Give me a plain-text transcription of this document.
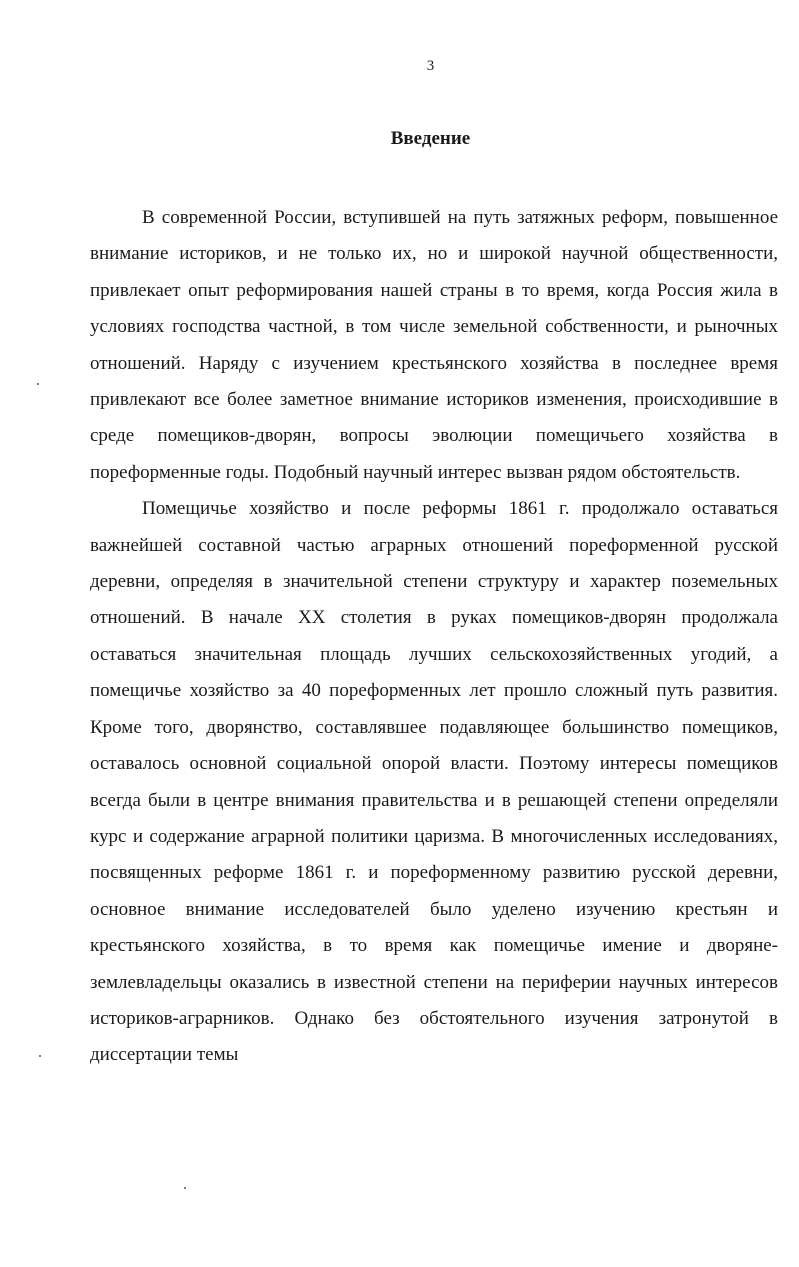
3
Введение

В современной России, вступившей на путь затяжных реформ, повышенное внимание историков, и не только их, но и широкой научной общественности, привлекает опыт реформирования нашей страны в то время, когда Россия жила в условиях господства частной, в том числе земельной собственности, и рыночных отношений. Наряду с изучением крестьянского хозяйства в последнее время привлекают все более заметное внимание историков изменения, происходившие в среде помещиков-дворян, вопросы эволюции помещичьего хозяйства в пореформенные годы. Подобный научный интерес вызван рядом обстоятельств.

Помещичье хозяйство и после реформы 1861 г. продолжало оставаться важнейшей составной частью аграрных отношений пореформенной русской деревни, определяя в значительной степени структуру и характер поземельных отношений. В начале XX столетия в руках помещиков-дворян продолжала оставаться значительная площадь лучших сельскохозяйственных угодий, а помещичье хозяйство за 40 пореформенных лет прошло сложный путь развития. Кроме того, дворянство, составлявшее подавляющее большинство помещиков, оставалось основной социальной опорой власти. Поэтому интересы помещиков всегда были в центре внимания правительства и в решающей степени определяли курс и содержание аграрной политики царизма. В многочисленных исследованиях, посвященных реформе 1861 г. и пореформенному развитию русской деревни, основное внимание исследователей было уделено изучению крестьян и крестьянского хозяйства, в то время как помещичье имение и дворяне-землевладельцы оказались в известной степени на периферии научных интересов историков-аграрников. Однако без обстоятельного изучения затронутой в диссертации темы
